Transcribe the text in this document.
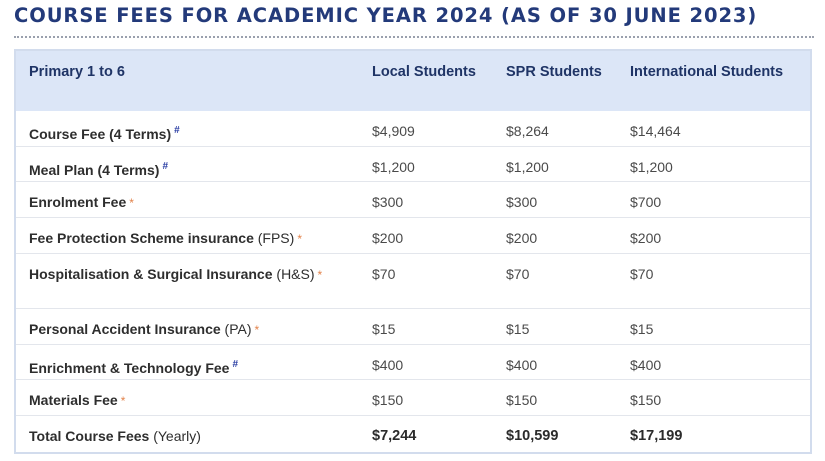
COURSE FEES FOR ACADEMIC YEAR 2024 (AS OF 30 JUNE 2023)
Primary 1 to 6	Local Students	SPR Students	International Students
Course Fee (4 Terms) #	$4,909	$8,264	$14,464
Meal Plan (4 Terms) #	$1,200	$1,200	$1,200
Enrolment Fee *	$300	$300	$700
Fee Protection Scheme insurance (FPS) *	$200	$200	$200
Hospitalisation & Surgical Insurance (H&S) *	$70	$70	$70
Personal Accident Insurance (PA) *	$15	$15	$15
Enrichment & Technology Fee #	$400	$400	$400
Materials Fee *	$150	$150	$150
Total Course Fees (Yearly)	$7,244	$10,599	$17,199
